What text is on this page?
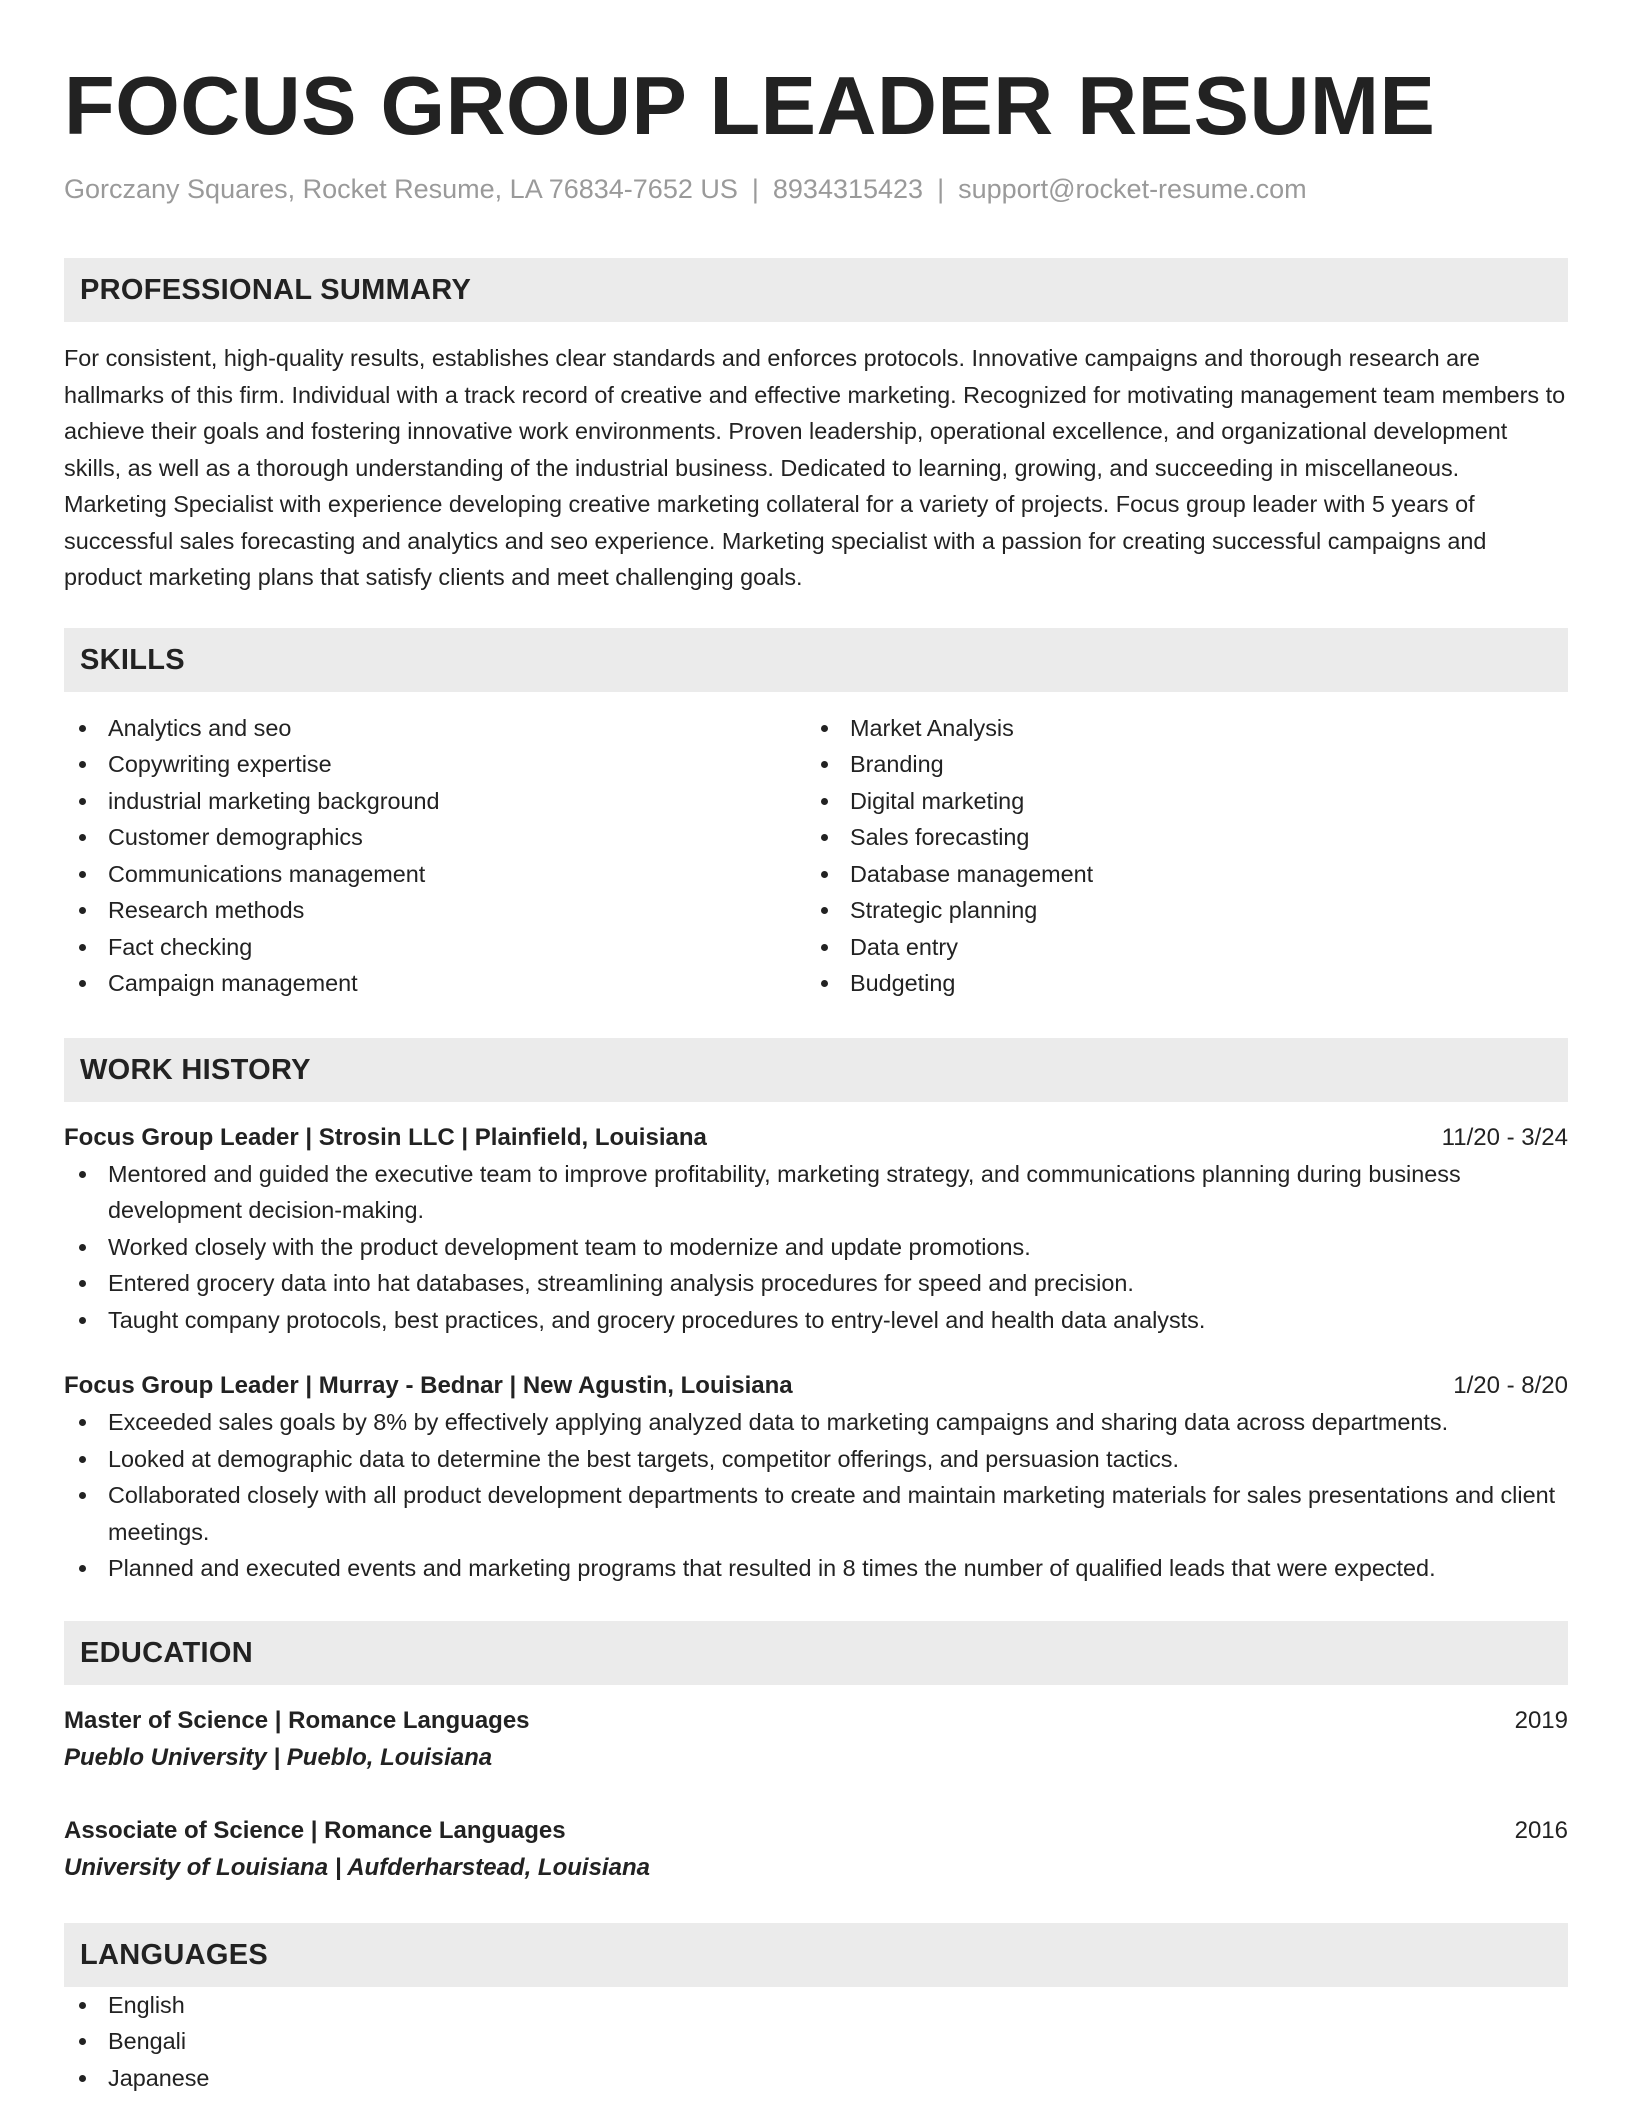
FOCUS GROUP LEADER RESUME
Gorczany Squares, Rocket Resume, LA 76834-7652 US | 8934315423 | support@rocket-resume.com
PROFESSIONAL SUMMARY
For consistent, high-quality results, establishes clear standards and enforces protocols. Innovative campaigns and thorough research are hallmarks of this firm. Individual with a track record of creative and effective marketing. Recognized for motivating management team members to achieve their goals and fostering innovative work environments. Proven leadership, operational excellence, and organizational development skills, as well as a thorough understanding of the industrial business. Dedicated to learning, growing, and succeeding in miscellaneous. Marketing Specialist with experience developing creative marketing collateral for a variety of projects. Focus group leader with 5 years of successful sales forecasting and analytics and seo experience. Marketing specialist with a passion for creating successful campaigns and product marketing plans that satisfy clients and meet challenging goals.
SKILLS
Analytics and seo
Copywriting expertise
industrial marketing background
Customer demographics
Communications management
Research methods
Fact checking
Campaign management
Market Analysis
Branding
Digital marketing
Sales forecasting
Database management
Strategic planning
Data entry
Budgeting
WORK HISTORY
Focus Group Leader | Strosin LLC | Plainfield, Louisiana	11/20 - 3/24
Mentored and guided the executive team to improve profitability, marketing strategy, and communications planning during business development decision-making.
Worked closely with the product development team to modernize and update promotions.
Entered grocery data into hat databases, streamlining analysis procedures for speed and precision.
Taught company protocols, best practices, and grocery procedures to entry-level and health data analysts.
Focus Group Leader | Murray - Bednar | New Agustin, Louisiana	1/20 - 8/20
Exceeded sales goals by 8% by effectively applying analyzed data to marketing campaigns and sharing data across departments.
Looked at demographic data to determine the best targets, competitor offerings, and persuasion tactics.
Collaborated closely with all product development departments to create and maintain marketing materials for sales presentations and client meetings.
Planned and executed events and marketing programs that resulted in 8 times the number of qualified leads that were expected.
EDUCATION
Master of Science | Romance Languages	2019
Pueblo University | Pueblo, Louisiana
Associate of Science | Romance Languages	2016
University of Louisiana | Aufderharstead, Louisiana
LANGUAGES
English
Bengali
Japanese
